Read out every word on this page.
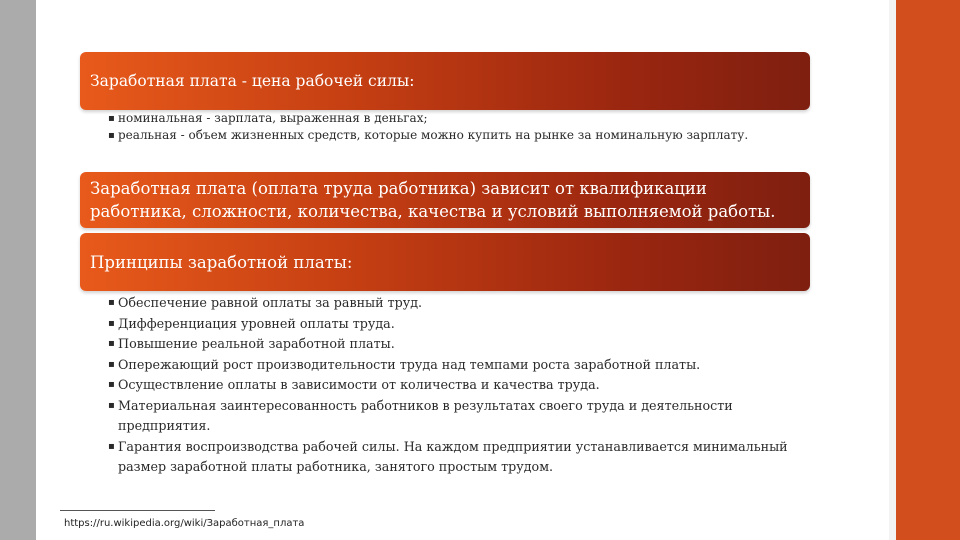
Заработная плата - цена рабочей силы:
▪ номинальная - зарплата, выраженная в деньгах;
▪ реальная - объем жизненных средств, которые можно купить на рынке за номинальную зарплату.
Заработная плата (оплата труда работника) зависит от квалификации
работника, сложности, количества, качества и условий выполняемой работы.
Принципы заработной платы:
▪ Обеспечение равной оплаты за равный труд.
▪ Дифференциация уровней оплаты труда.
▪ Повышение реальной заработной платы.
▪ Опережающий рост производительности труда над темпами роста заработной платы.
▪ Осуществление оплаты в зависимости от количества и качества труда.
▪ Материальная заинтересованность работников в результатах своего труда и деятельности предприятия.
▪ Гарантия воспроизводства рабочей силы. На каждом предприятии устанавливается минимальный размер заработной платы работника, занятого простым трудом.
https://ru.wikipedia.org/wiki/Заработная_плата
